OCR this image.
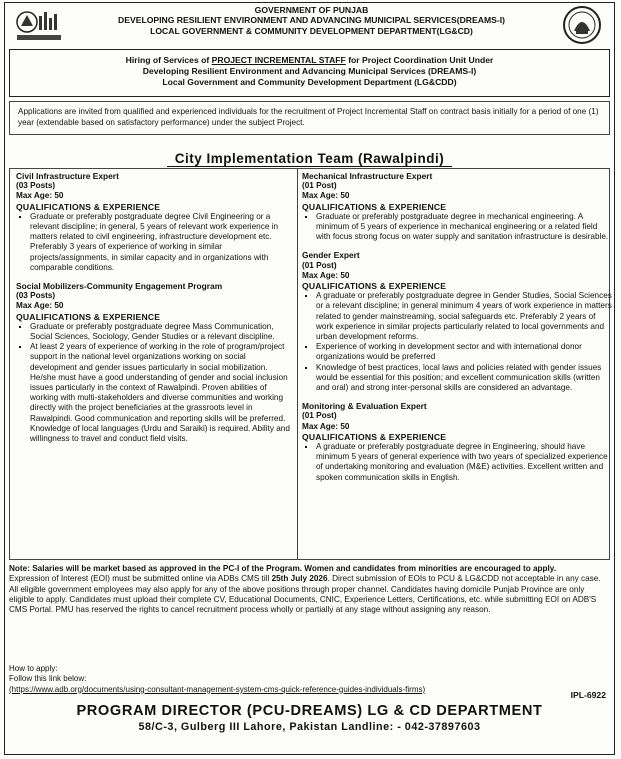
GOVERNMENT OF PUNJAB
DEVELOPING RESILIENT ENVIRONMENT AND ADVANCING MUNICIPAL SERVICES(DREAMS-I)
LOCAL GOVERNMENT & COMMUNITY DEVELOPMENT DEPARTMENT(LG&CD)
Hiring of Services of PROJECT INCREMENTAL STAFF for Project Coordination Unit Under
Developing Resilient Environment and Advancing Municipal Services (DREAMS-I)
Local Government and Community Development Department (LG&CDD)
Applications are invited from qualified and experienced individuals for the recruitment of Project Incremental Staff on contract basis initially for a period of one (1) year (extendable based on satisfactory performance) under the subject Project.
City Implementation Team (Rawalpindi)
Civil Infrastructure Expert
(03 Posts)
Max Age: 50
QUALIFICATIONS & EXPERIENCE
▪ Graduate or preferably postgraduate degree Civil Engineering or a relevant discipline; in general, 5 years of relevant work experience in matters related to civil engineering, infrastructure development etc. Preferably 3 years of experience of working in similar projects/assignments, in similar capacity and in organizations with comparable conditions.
Social Mobilizers-Community Engagement Program
(03 Posts)
Max Age: 50
QUALIFICATIONS & EXPERIENCE
▪ Graduate or preferably postgraduate degree Mass Communication, Social Sciences, Sociology, Gender Studies or a relevant discipline.
▪ At least 2 years of experience of working in the role of program/project support in the national level organizations working on social development and gender issues particularly in social mobilization. He/she must have a good understanding of gender and social inclusion issues particularly in the context of Rawalpindi. Proven abilities of working with multi-stakeholders and diverse communities and working directly with the project beneficiaries at the grassroots level in Rawalpindi. Good communication and reporting skills will be preferred. Knowledge of local languages (Urdu and Saraiki) is required. Ability and willingness to travel and conduct field visits.
Mechanical Infrastructure Expert
(01 Post)
Max Age: 50
QUALIFICATIONS & EXPERIENCE
▪ Graduate or preferably postgraduate degree in mechanical engineering. A minimum of 5 years of experience in mechanical engineering or a related field with focus strong focus on water supply and sanitation infrastructure is desirable.
Gender Expert
(01 Post)
Max Age: 50
QUALIFICATIONS & EXPERIENCE
▪ A graduate or preferably postgraduate degree in Gender Studies, Social Sciences or a relevant discipline; in general minimum 4 years of work experience in matters related to gender mainstreaming, social safeguards etc. Preferably 2 years of work experience in similar projects particularly related to local governments and urban development reforms.
▪ Experience of working in development sector and with international donor organizations would be preferred
▪ Knowledge of best practices, local laws and policies related with gender issues would be essential for this position; and excellent communication skills (written and oral) and strong inter-personal skills are considered an advantage.
Monitoring & Evaluation Expert
(01 Post)
Max Age: 50
QUALIFICATIONS & EXPERIENCE
▪ A graduate or preferably postgraduate degree in Engineering, should have minimum 5 years of general experience with two years of specialized experience of undertaking monitoring and evaluation (M&E) activities. Excellent written and spoken communication skills in English.
Note: Salaries will be market based as approved in the PC-I of the Program. Women and candidates from minorities are encouraged to apply.
Expression of Interest (EOI) must be submitted online via ADBs CMS till 25th July 2026. Direct submission of EOIs to PCU & LG&CDD not acceptable in any case. All eligible government employees may also apply for any of the above positions through proper channel. Candidates having domicile Punjab Province are only eligible to apply. Candidates must upload their complete CV, Educational Documents, CNIC, Experience Letters, Certifications, etc. while submitting EOI on ADB'S CMS Portal. PMU has reserved the rights to cancel recruitment process wholly or partially at any stage without assigning any reason.
How to apply:
Follow this link below:
(https://www.adb.org/documents/using-consultant-management-system-cms-quick-reference-guides-individuals-firms)
IPL-6922
PROGRAM DIRECTOR (PCU-DREAMS) LG & CD DEPARTMENT
58/C-3, Gulberg III Lahore, Pakistan Landline: - 042-37897603
